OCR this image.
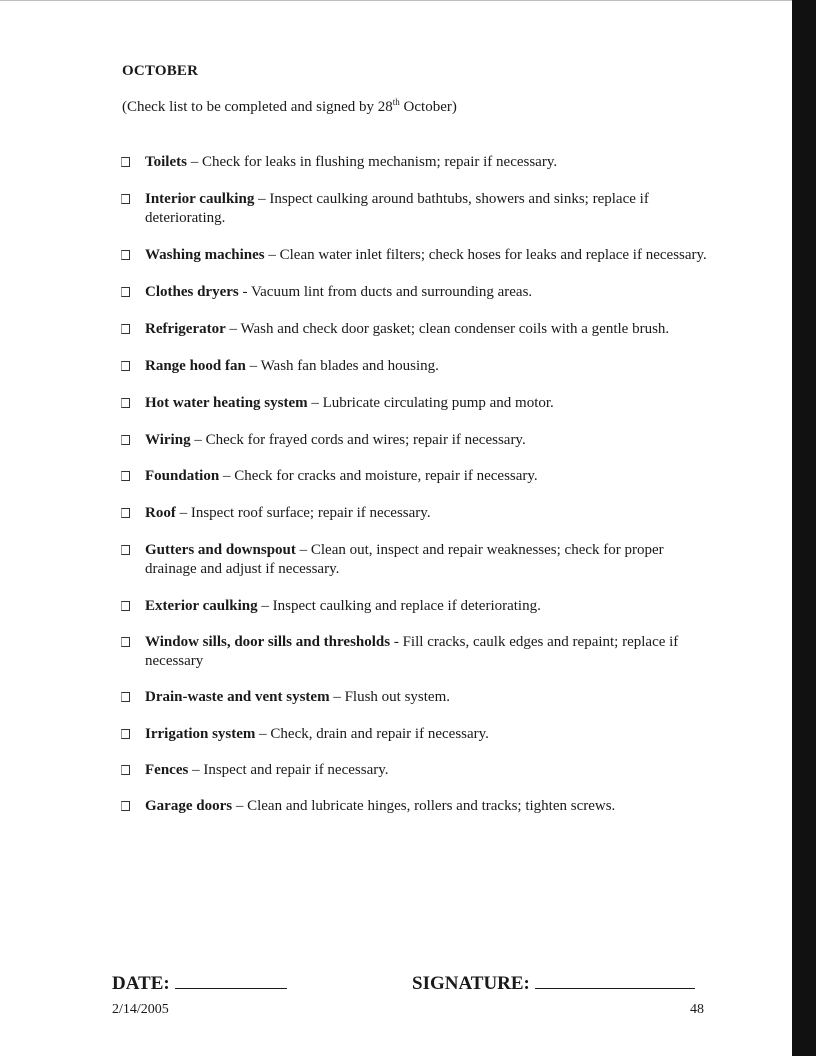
OCTOBER
(Check list to be completed and signed by 28th October)
Toilets – Check for leaks in flushing mechanism; repair if necessary.
Interior caulking – Inspect caulking around bathtubs, showers and sinks; replace if deteriorating.
Washing machines – Clean water inlet filters; check hoses for leaks and replace if necessary.
Clothes dryers - Vacuum lint from ducts and surrounding areas.
Refrigerator – Wash and check door gasket; clean condenser coils with a gentle brush.
Range hood fan – Wash fan blades and housing.
Hot water heating system – Lubricate circulating pump and motor.
Wiring – Check for frayed cords and wires; repair if necessary.
Foundation – Check for cracks and moisture, repair if necessary.
Roof – Inspect roof surface; repair if necessary.
Gutters and downspout – Clean out, inspect and repair weaknesses; check for proper drainage and adjust if necessary.
Exterior caulking – Inspect caulking and replace if deteriorating.
Window sills, door sills and thresholds - Fill cracks, caulk edges and repaint; replace if necessary
Drain-waste and vent system – Flush out system.
Irrigation system – Check, drain and repair if necessary.
Fences – Inspect and repair if necessary.
Garage doors – Clean and lubricate hinges, rollers and tracks; tighten screws.
DATE:	SIGNATURE:
2/14/2005	48
